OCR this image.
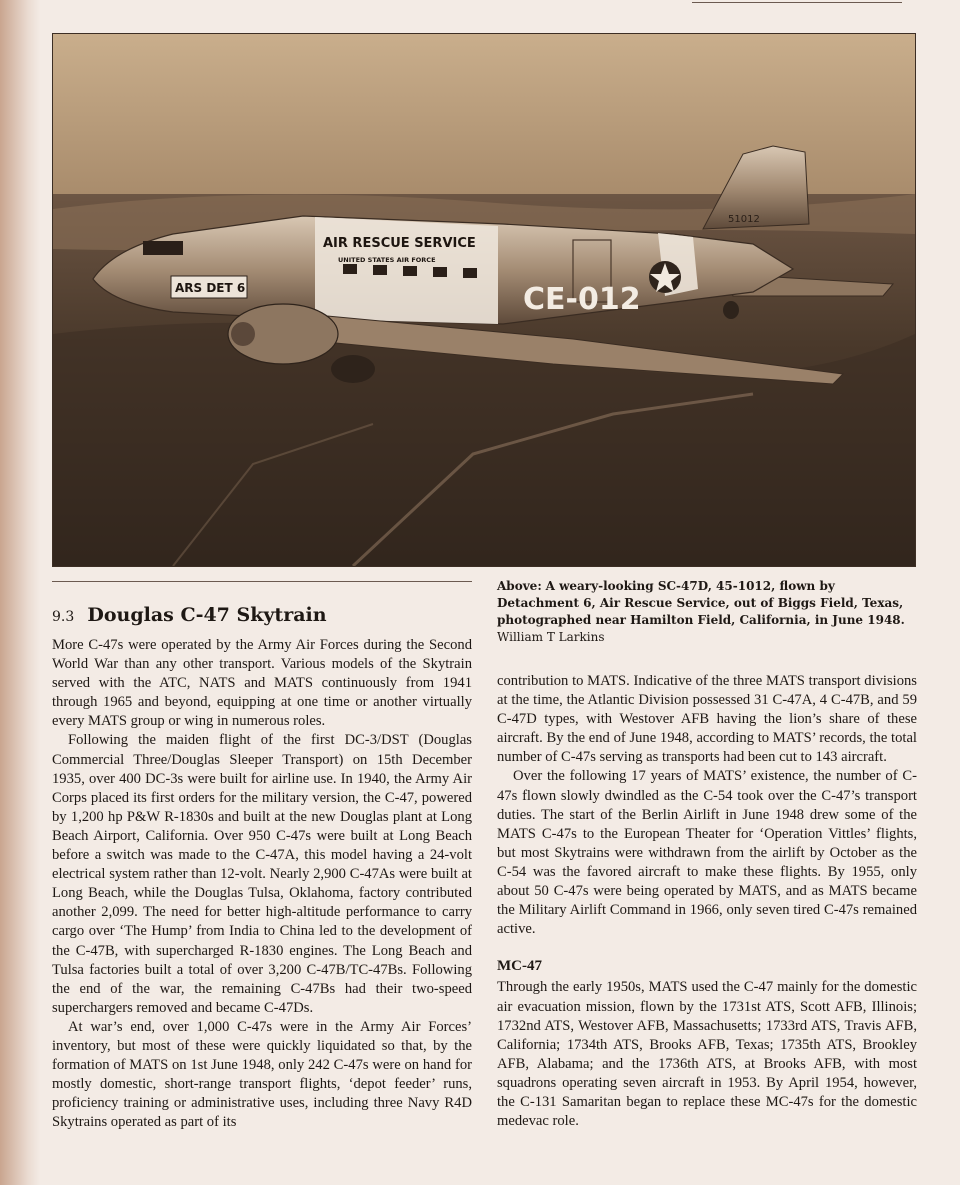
AIR RESCUE SERVICE
UNITED STATES AIR FORCE
ARS DET 6
51012
CE-012
Above: A weary-looking SC-47D, 45-1012, flown by Detachment 6, Air Rescue Service, out of Biggs Field, Texas, photographed near Hamilton Field, California, in June 1948. William T Larkins
9.3 Douglas C-47 Skytrain

More C-47s were operated by the Army Air Forces during the Second World War than any other transport. Various models of the Skytrain served with the ATC, NATS and MATS continuously from 1941 through 1965 and beyond, equipping at one time or another virtually every MATS group or wing in numerous roles.

Following the maiden flight of the first DC-3/DST (Douglas Commercial Three/Douglas Sleeper Transport) on 15th December 1935, over 400 DC-3s were built for airline use. In 1940, the Army Air Corps placed its first orders for the military version, the C-47, powered by 1,200 hp P&W R-1830s and built at the new Douglas plant at Long Beach Airport, California. Over 950 C-47s were built at Long Beach before a switch was made to the C-47A, this model having a 24-volt electrical system rather than 12-volt. Nearly 2,900 C-47As were built at Long Beach, while the Douglas Tulsa, Oklahoma, factory contributed another 2,099. The need for better high-altitude performance to carry cargo over ‘The Hump’ from India to China led to the development of the C-47B, with supercharged R-1830 engines. The Long Beach and Tulsa factories built a total of over 3,200 C-47B/TC-47Bs. Following the end of the war, the remaining C-47Bs had their two-speed superchargers removed and became C-47Ds.

At war’s end, over 1,000 C-47s were in the Army Air Forces’ inventory, but most of these were quickly liquidated so that, by the formation of MATS on 1st June 1948, only 242 C-47s were on hand for mostly domestic, short-range transport flights, ‘depot feeder’ runs, proficiency training or administrative uses, including three Navy R4D Skytrains operated as part of its

contribution to MATS. Indicative of the three MATS transport divisions at the time, the Atlantic Division possessed 31 C-47A, 4 C-47B, and 59 C-47D types, with Westover AFB having the lion’s share of these aircraft. By the end of June 1948, according to MATS’ records, the total number of C-47s serving as transports had been cut to 143 aircraft.

Over the following 17 years of MATS’ existence, the number of C-47s flown slowly dwindled as the C-54 took over the C-47’s transport duties. The start of the Berlin Airlift in June 1948 drew some of the MATS C-47s to the European Theater for ‘Operation Vittles’ flights, but most Skytrains were withdrawn from the airlift by October as the C-54 was the favored aircraft to make these flights. By 1955, only about 50 C-47s were being operated by MATS, and as MATS became the Military Airlift Command in 1966, only seven tired C-47s remained active.

MC-47

Through the early 1950s, MATS used the C-47 mainly for the domestic air evacuation mission, flown by the 1731st ATS, Scott AFB, Illinois; 1732nd ATS, Westover AFB, Massachusetts; 1733rd ATS, Travis AFB, California; 1734th ATS, Brooks AFB, Texas; 1735th ATS, Brookley AFB, Alabama; and the 1736th ATS, at Brooks AFB, with most squadrons operating seven aircraft in 1953. By April 1954, however, the C-131 Samaritan began to replace these MC-47s for the domestic medevac role.
